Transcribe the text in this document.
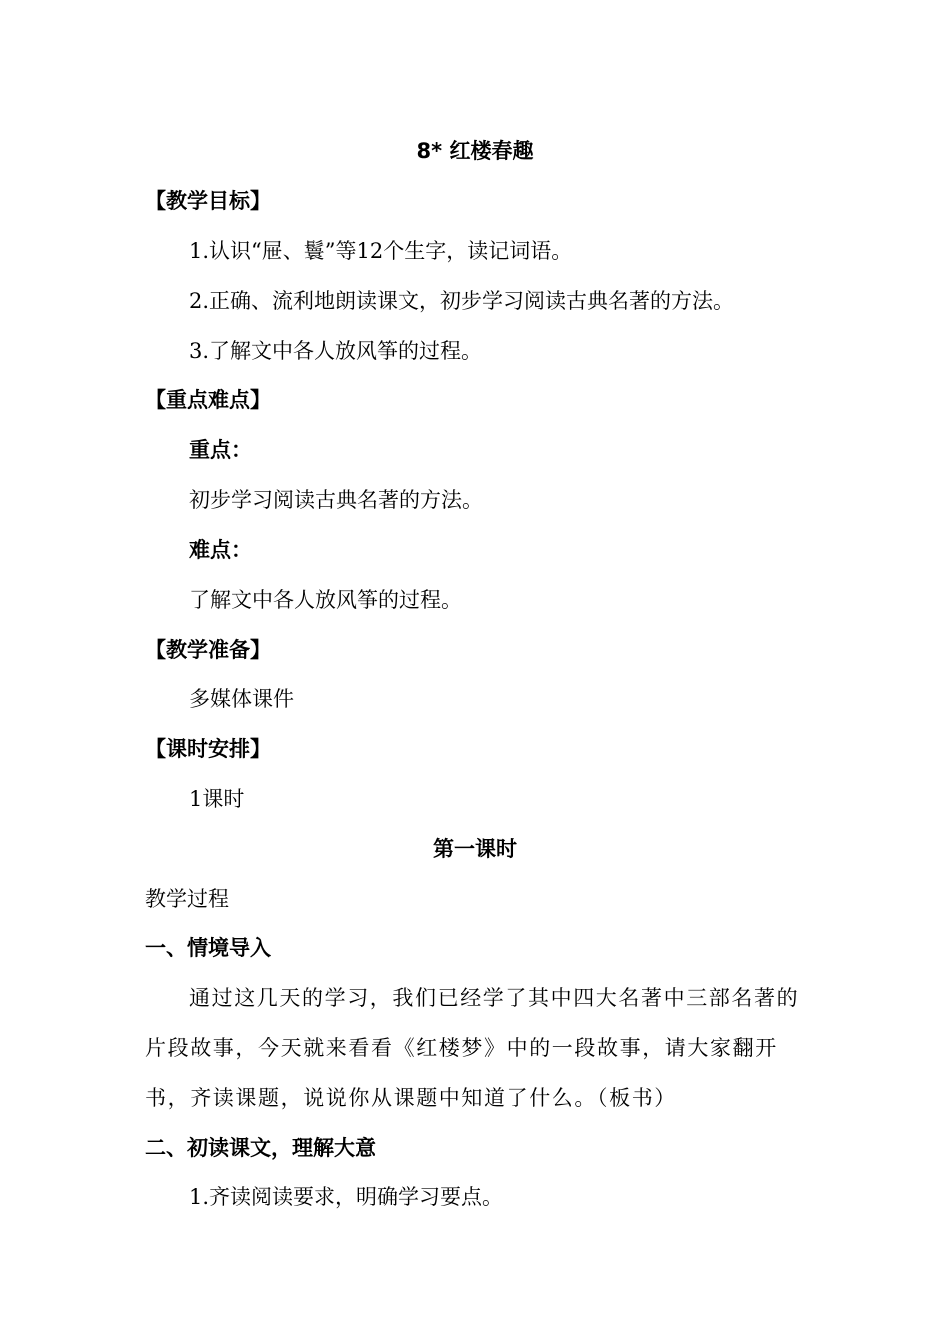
8* 红楼春趣
【教学目标】
1.认识“屉、鬟”等12个生字，读记词语。
2.正确、流利地朗读课文，初步学习阅读古典名著的方法。
3.了解文中各人放风筝的过程。
【重点难点】
重点：
初步学习阅读古典名著的方法。
难点：
了解文中各人放风筝的过程。
【教学准备】
多媒体课件
【课时安排】
1课时
第一课时
教学过程
一、情境导入
通过这几天的学习，我们已经学了其中四大名著中三部名著的
片段故事，今天就来看看《红楼梦》中的一段故事，请大家翻开
书，齐读课题，说说你从课题中知道了什么。（板书）
二、初读课文，理解大意
1.齐读阅读要求，明确学习要点。
